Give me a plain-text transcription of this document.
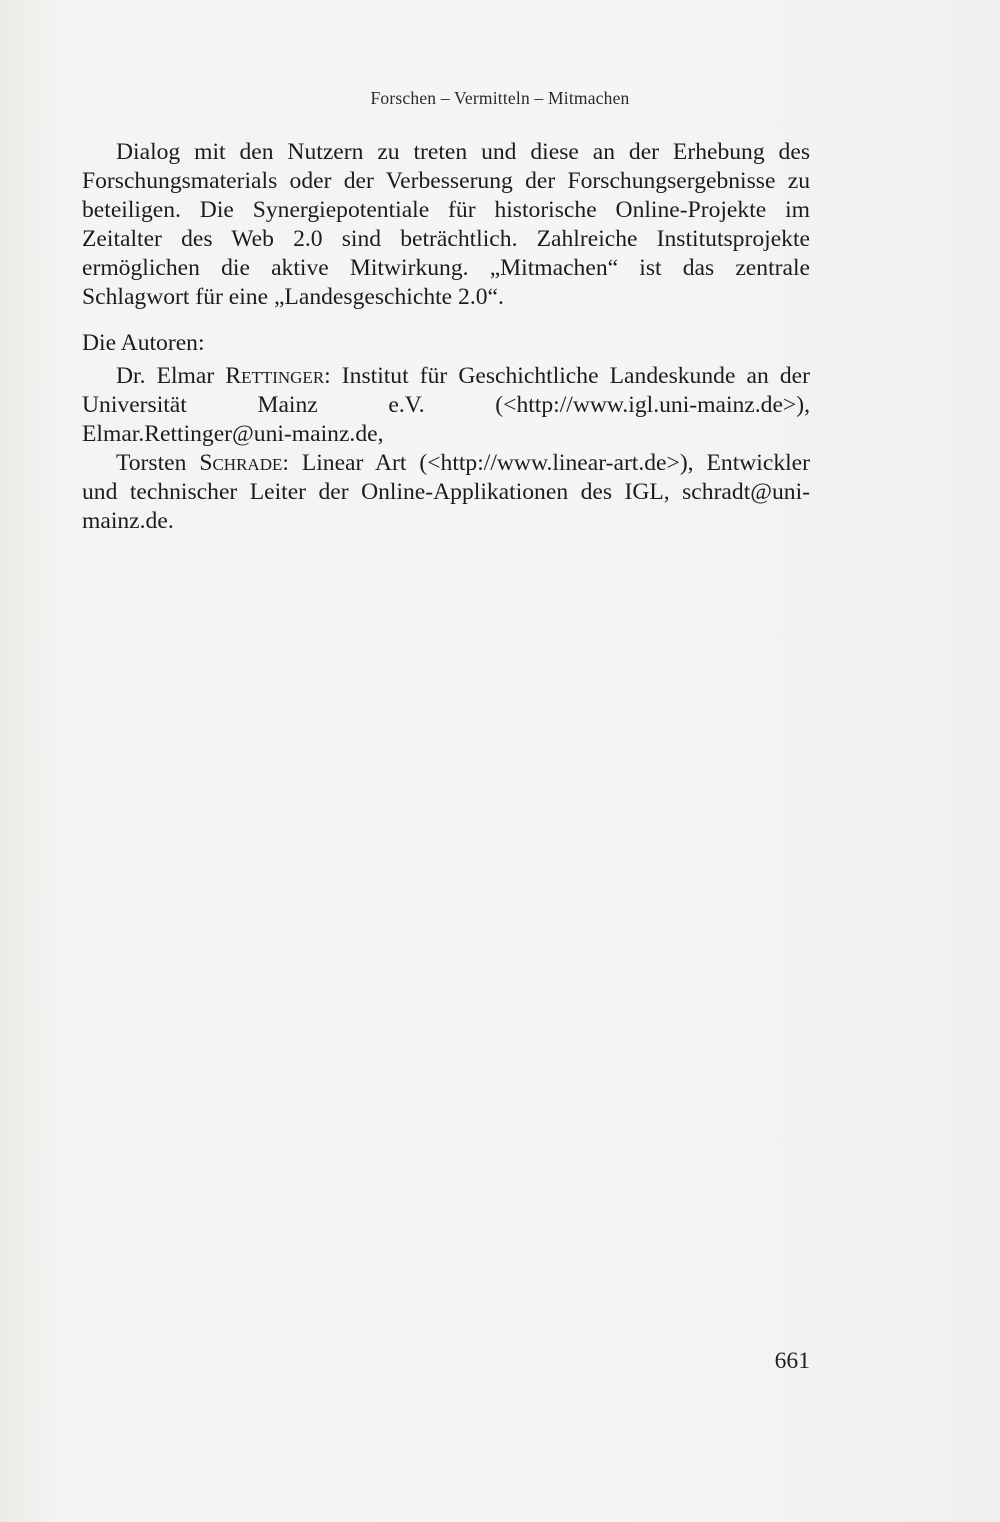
Forschen – Vermitteln – Mitmachen

Dialog mit den Nutzern zu treten und diese an der Erhebung des Forschungsmaterials oder der Verbesserung der Forschungsergebnisse zu beteiligen. Die Synergiepotentiale für historische Online-Projekte im Zeitalter des Web 2.0 sind beträchtlich. Zahlreiche Institutsprojekte ermöglichen die aktive Mitwirkung. „Mitmachen“ ist das zentrale Schlagwort für eine „Landesgeschichte 2.0“.

Die Autoren:

Dr. Elmar Rettinger: Institut für Geschichtliche Landeskunde an der Universität Mainz e.V. (<http://www.igl.uni-mainz.de>), Elmar.Rettinger@uni-mainz.de,

Torsten Schrade: Linear Art (<http://www.linear-art.de>), Entwickler und technischer Leiter der Online-Applikationen des IGL, schradt@uni-mainz.de.

661
